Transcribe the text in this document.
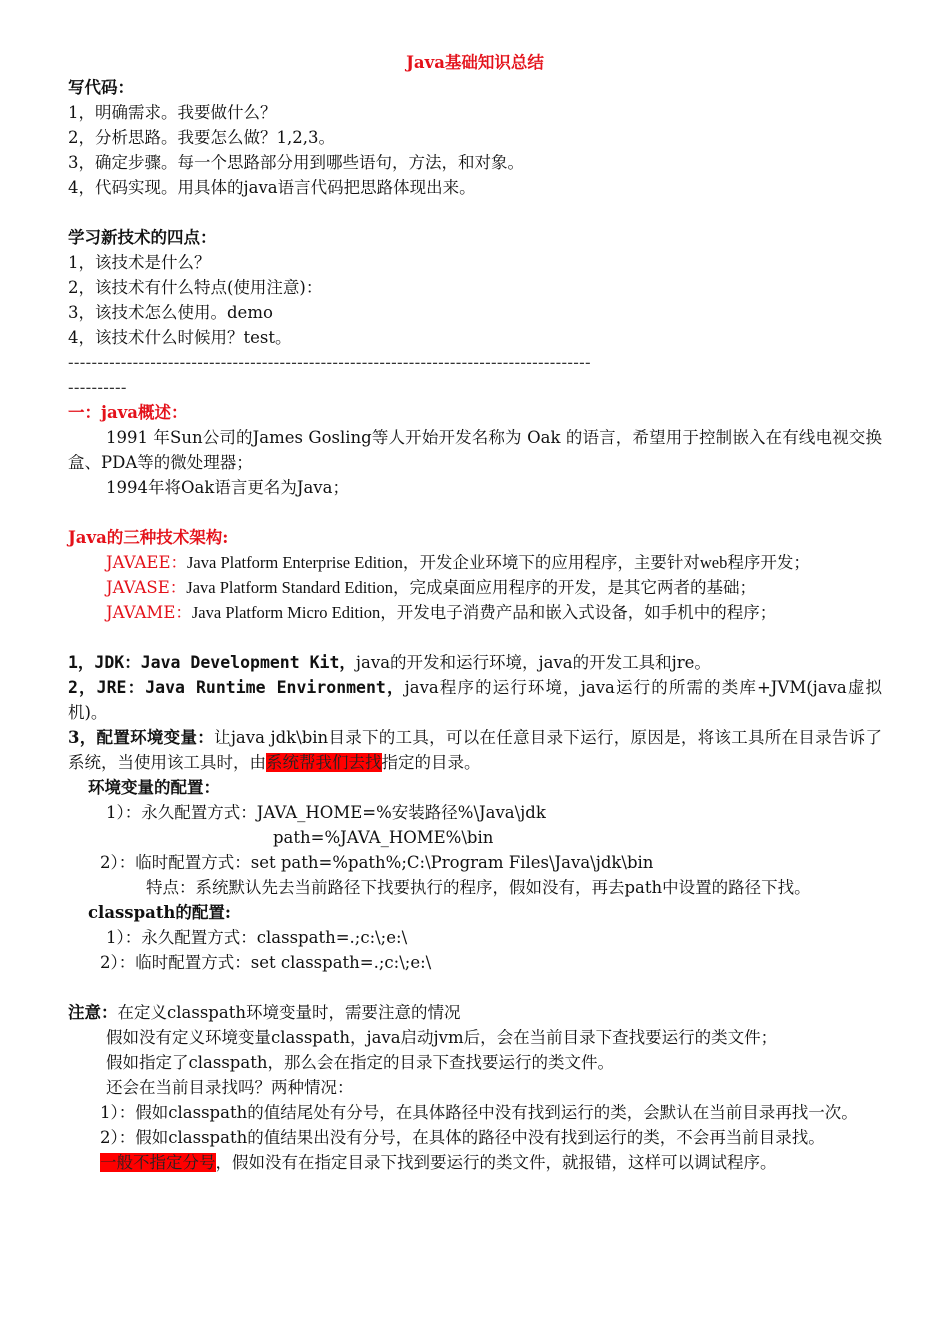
Java基础知识总结
写代码：
1，明确需求。我要做什么？
2，分析思路。我要怎么做？1,2,3。
3，确定步骤。每一个思路部分用到哪些语句，方法，和对象。
4，代码实现。用具体的java语言代码把思路体现出来。
学习新技术的四点：
1，该技术是什么？
2，该技术有什么特点(使用注意)：
3，该技术怎么使用。demo
4，该技术什么时候用？test。
-----------------------------------------------------------------------------------------
----------
一：java概述：
1991 年Sun公司的James Gosling等人开始开发名称为 Oak 的语言，希望用于控制嵌入在有线电视交换盒、PDA等的微处理器；
1994年将Oak语言更名为Java；
Java的三种技术架构:
JAVAEE：Java Platform Enterprise Edition，开发企业环境下的应用程序，主要针对web程序开发；
JAVASE：Java Platform Standard Edition，完成桌面应用程序的开发，是其它两者的基础；
JAVAME：Java Platform Micro Edition，开发电子消费产品和嵌入式设备，如手机中的程序；
1，JDK：Java Development Kit，java的开发和运行环境，java的开发工具和jre。
2，JRE：Java Runtime Environment，java程序的运行环境，java运行的所需的类库+JVM(java虚拟机)。
3，配置环境变量：让java jdk\bin目录下的工具，可以在任意目录下运行，原因是，将该工具所在目录告诉了系统，当使用该工具时，由系统帮我们去找指定的目录。
环境变量的配置：
1）：永久配置方式：JAVA_HOME=%安装路径%\Java\jdk
path=%JAVA_HOME%\bin
2）：临时配置方式：set path=%path%;C:\Program Files\Java\jdk\bin
特点：系统默认先去当前路径下找要执行的程序，假如没有，再去path中设置的路径下找。
classpath的配置:
1）：永久配置方式：classpath=.;c:\;e:\
2）：临时配置方式：set classpath=.;c:\;e:\
注意：在定义classpath环境变量时，需要注意的情况
假如没有定义环境变量classpath，java启动jvm后，会在当前目录下查找要运行的类文件；
假如指定了classpath，那么会在指定的目录下查找要运行的类文件。
还会在当前目录找吗？两种情况：
1）：假如classpath的值结尾处有分号，在具体路径中没有找到运行的类，会默认在当前目录再找一次。
2）：假如classpath的值结果出没有分号，在具体的路径中没有找到运行的类，不会再当前目录找。
一般不指定分号，假如没有在指定目录下找到要运行的类文件，就报错，这样可以调试程序。
